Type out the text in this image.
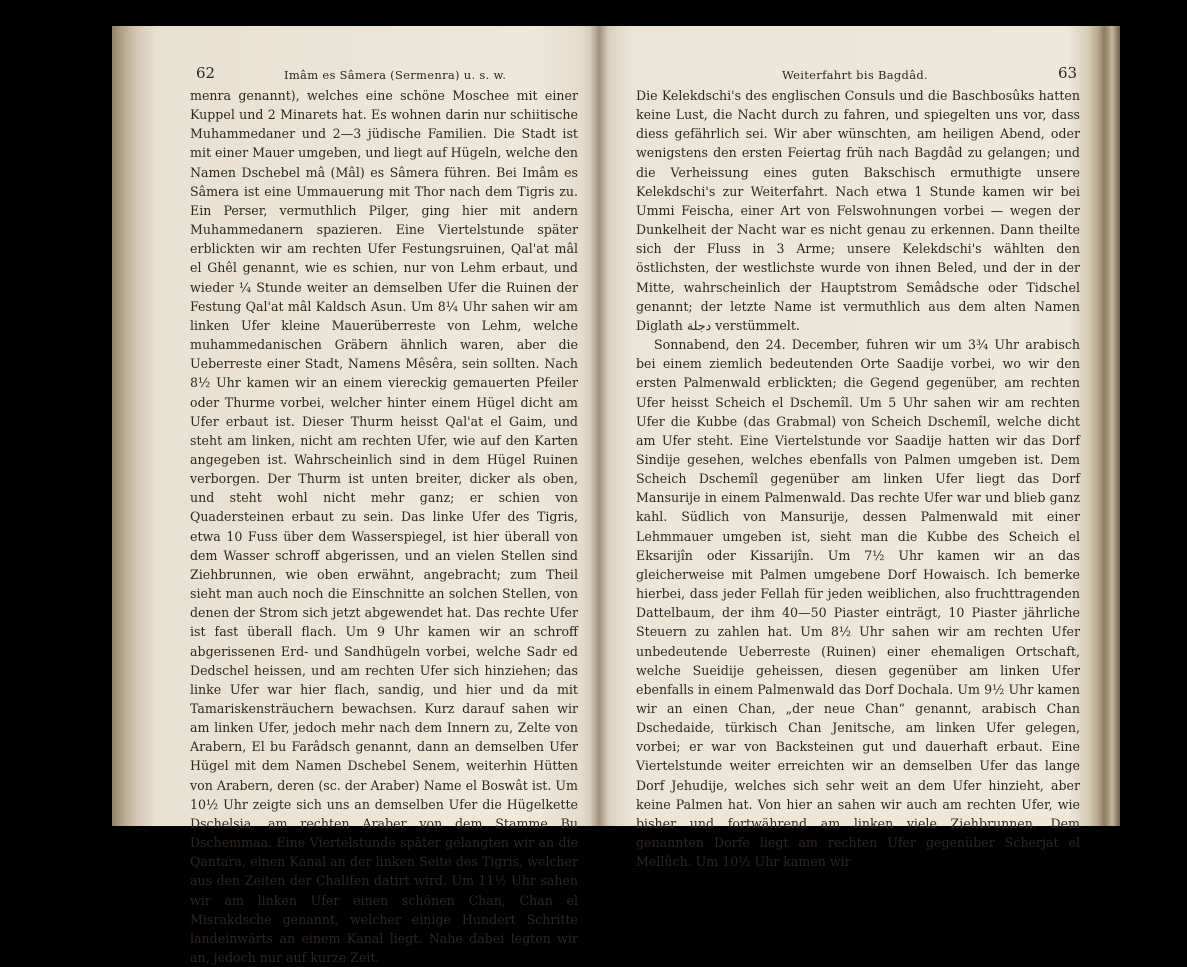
62	Imâm es Sâmera (Sermenra) u. s. w.

menra genannt), welches eine schöne Moschee mit einer Kuppel und 2 Minarets hat. Es wohnen darin nur schiitische Muhammedaner und 2—3 jüdische Familien. Die Stadt ist mit einer Mauer umgeben, und liegt auf Hügeln, welche den Namen Dschebel mâ (Mâl) es Sâmera führen. Bei Imâm es Sâmera ist eine Ummauerung mit Thor nach dem Tigris zu. Ein Perser, vermuthlich Pilger, ging hier mit andern Muhammedanern spazieren. Eine Viertelstunde später erblickten wir am rechten Ufer Festungsruinen, Qal'at mâl el Ghêl genannt, wie es schien, nur von Lehm erbaut, und wieder ¼ Stunde weiter an demselben Ufer die Ruinen der Festung Qal'at mâl Kaldsch Asun. Um 8¼ Uhr sahen wir am linken Ufer kleine Mauerüberreste von Lehm, welche muhammedanischen Gräbern ähnlich waren, aber die Ueberreste einer Stadt, Namens Mêsêra, sein sollten. Nach 8½ Uhr kamen wir an einem viereckig gemauerten Pfeiler oder Thurme vorbei, welcher hinter einem Hügel dicht am Ufer erbaut ist. Dieser Thurm heisst Qal'at el Gaim, und steht am linken, nicht am rechten Ufer, wie auf den Karten angegeben ist. Wahrscheinlich sind in dem Hügel Ruinen verborgen. Der Thurm ist unten breiter, dicker als oben, und steht wohl nicht mehr ganz; er schien von Quadersteinen erbaut zu sein. Das linke Ufer des Tigris, etwa 10 Fuss über dem Wasserspiegel, ist hier überall von dem Wasser schroff abgerissen, und an vielen Stellen sind Ziehbrunnen, wie oben erwähnt, angebracht; zum Theil sieht man auch noch die Einschnitte an solchen Stellen, von denen der Strom sich jetzt abgewendet hat. Das rechte Ufer ist fast überall flach. Um 9 Uhr kamen wir an schroff abgerissenen Erd- und Sandhügeln vorbei, welche Sadr ed Dedschel heissen, und am rechten Ufer sich hinziehen; das linke Ufer war hier flach, sandig, und hier und da mit Tamariskensträuchern bewachsen. Kurz darauf sahen wir am linken Ufer, jedoch mehr nach dem Innern zu, Zelte von Arabern, El bu Farâdsch genannt, dann an demselben Ufer Hügel mit dem Namen Dschebel Senem, weiterhin Hütten von Arabern, deren (sc. der Araber) Name el Boswât ist. Um 10½ Uhr zeigte sich uns an demselben Ufer die Hügelkette Dschelsia, am rechten Araber von dem Stamme Bu Dschemmaa. Eine Viertelstunde später gelangten wir an die Qantara, einen Kanal an der linken Seite des Tigris, welcher aus den Zeiten der Chalifen datirt wird. Um 11½ Uhr sahen wir am linken Ufer einen schönen Chan, Chan el Misrakdsche genannt, welcher einige Hundert Schritte landeinwärts an einem Kanal liegt. Nahe dabei legten wir an, jedoch nur auf kurze Zeit.

Weiterfahrt bis Bagdâd.	63

Die Kelekdschi's des englischen Consuls und die Baschbosûks hatten keine Lust, die Nacht durch zu fahren, und spiegelten uns vor, dass diess gefährlich sei. Wir aber wünschten, am heiligen Abend, oder wenigstens den ersten Feiertag früh nach Bagdâd zu gelangen; und die Verheissung eines guten Bakschisch ermuthigte unsere Kelekdschi's zur Weiterfahrt. Nach etwa 1 Stunde kamen wir bei Ummi Feischa, einer Art von Felswohnungen vorbei — wegen der Dunkelheit der Nacht war es nicht genau zu erkennen. Dann theilte sich der Fluss in 3 Arme; unsere Kelekdschi's wählten den östlichsten, der westlichste wurde von ihnen Beled, und der in der Mitte, wahrscheinlich der Hauptstrom Semâdsche oder Tidschel genannt; der letzte Name ist vermuthlich aus dem alten Namen Diglath دجلة verstümmelt.

Sonnabend, den 24. December, fuhren wir um 3¾ Uhr arabisch bei einem ziemlich bedeutenden Orte Saadije vorbei, wo wir den ersten Palmenwald erblickten; die Gegend gegenüber, am rechten Ufer heisst Scheich el Dschemîl. Um 5 Uhr sahen wir am rechten Ufer die Kubbe (das Grabmal) von Scheich Dschemîl, welche dicht am Ufer steht. Eine Viertelstunde vor Saadije hatten wir das Dorf Sindije gesehen, welches ebenfalls von Palmen umgeben ist. Dem Scheich Dschemîl gegenüber am linken Ufer liegt das Dorf Mansurije in einem Palmenwald. Das rechte Ufer war und blieb ganz kahl. Südlich von Mansurije, dessen Palmenwald mit einer Lehmmauer umgeben ist, sieht man die Kubbe des Scheich el Eksarijîn oder Kissarijîn. Um 7½ Uhr kamen wir an das gleicherweise mit Palmen umgebene Dorf Howaisch. Ich bemerke hierbei, dass jeder Fellah für jeden weiblichen, also fruchttragenden Dattelbaum, der ihm 40—50 Piaster einträgt, 10 Piaster jährliche Steuern zu zahlen hat. Um 8½ Uhr sahen wir am rechten Ufer unbedeutende Ueberreste (Ruinen) einer ehemaligen Ortschaft, welche Sueidije geheissen, diesen gegenüber am linken Ufer ebenfalls in einem Palmenwald das Dorf Dochala. Um 9½ Uhr kamen wir an einen Chan, „der neue Chan“ genannt, arabisch Chan Dschedaide, türkisch Chan Jenitsche, am linken Ufer gelegen, vorbei; er war von Backsteinen gut und dauerhaft erbaut. Eine Viertelstunde weiter erreichten wir an demselben Ufer das lange Dorf Jehudije, welches sich sehr weit an dem Ufer hinzieht, aber keine Palmen hat. Von hier an sahen wir auch am rechten Ufer, wie bisher und fortwährend am linken viele Ziehbrunnen. Dem genannten Dorfe liegt am rechten Ufer gegenüber Scherjat el Mellûch. Um 10½ Uhr kamen wir
